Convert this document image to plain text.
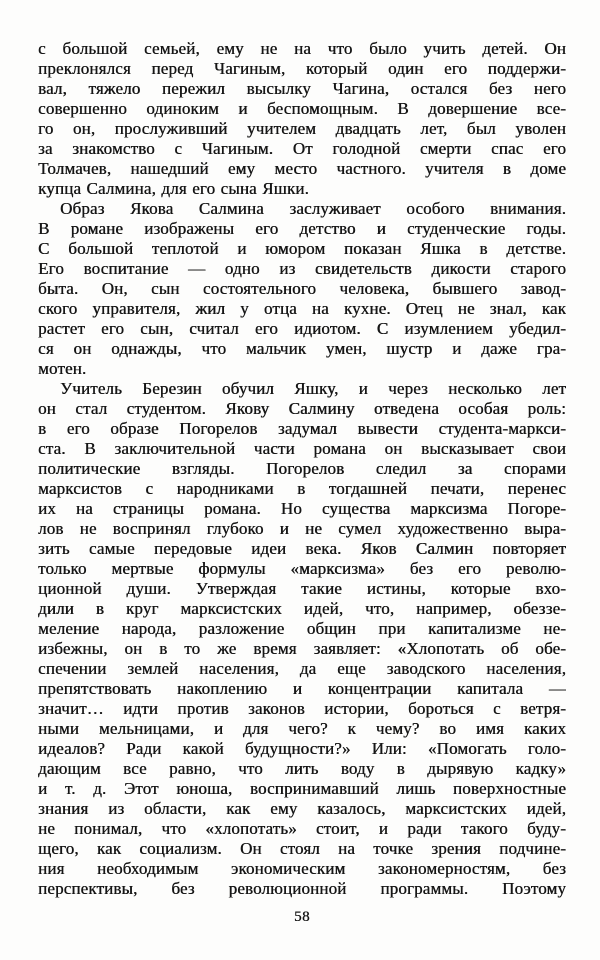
с большой семьей, ему не на что было учить детей. Он
преклонялся перед Чагиным, который один его поддержи-
вал, тяжело пережил высылку Чагина, остался без него
совершенно одиноким и беспомощным. В довершение все-
го он, прослуживший учителем двадцать лет, был уволен
за знакомство с Чагиным. От голодной смерти спас его
Толмачев, нашедший ему место частного. учителя в доме
купца Салмина, для его сына Яшки.
Образ Якова Салмина заслуживает особого внимания.
В романе изображены его детство и студенческие годы.
С большой теплотой и юмором показан Яшка в детстве.
Его воспитание — одно из свидетельств дикости старого
быта. Он, сын состоятельного человека, бывшего завод-
ского управителя, жил у отца на кухне. Отец не знал, как
растет его сын, считал его идиотом. С изумлением убедил-
ся он однажды, что мальчик умен, шустр и даже гра-
мотен.
Учитель Березин обучил Яшку, и через несколько лет
он стал студентом. Якову Салмину отведена особая роль:
в его образе Погорелов задумал вывести студента-маркси-
ста. В заключительной части романа он высказывает свои
политические взгляды. Погорелов следил за спорами
марксистов с народниками в тогдашней печати, перенес
их на страницы романа. Но существа марксизма Погоре-
лов не воспринял глубоко и не сумел художественно выра-
зить самые передовые идеи века. Яков Салмин повторяет
только мертвые формулы «марксизма» без его револю-
ционной души. Утверждая такие истины, которые вхо-
дили в круг марксистских идей, что, например, обеззе-
меление народа, разложение общин при капитализме не-
избежны, он в то же время заявляет: «Хлопотать об обе-
спечении землей населения, да еще заводского населения,
препятствовать накоплению и концентрации капитала —
значит… идти против законов истории, бороться с ветря-
ными мельницами, и для чего? к чему? во имя каких
идеалов? Ради какой будущности?» Или: «Помогать голо-
дающим все равно, что лить воду в дырявую кадку»
и т. д. Этот юноша, воспринимавший лишь поверхностные
знания из области, как ему казалось, марксистских идей,
не понимал, что «хлопотать» стоит, и ради такого буду-
щего, как социализм. Он стоял на точке зрения подчине-
ния необходимым экономическим закономерностям, без
перспективы, без революционной программы. Поэтому
58
